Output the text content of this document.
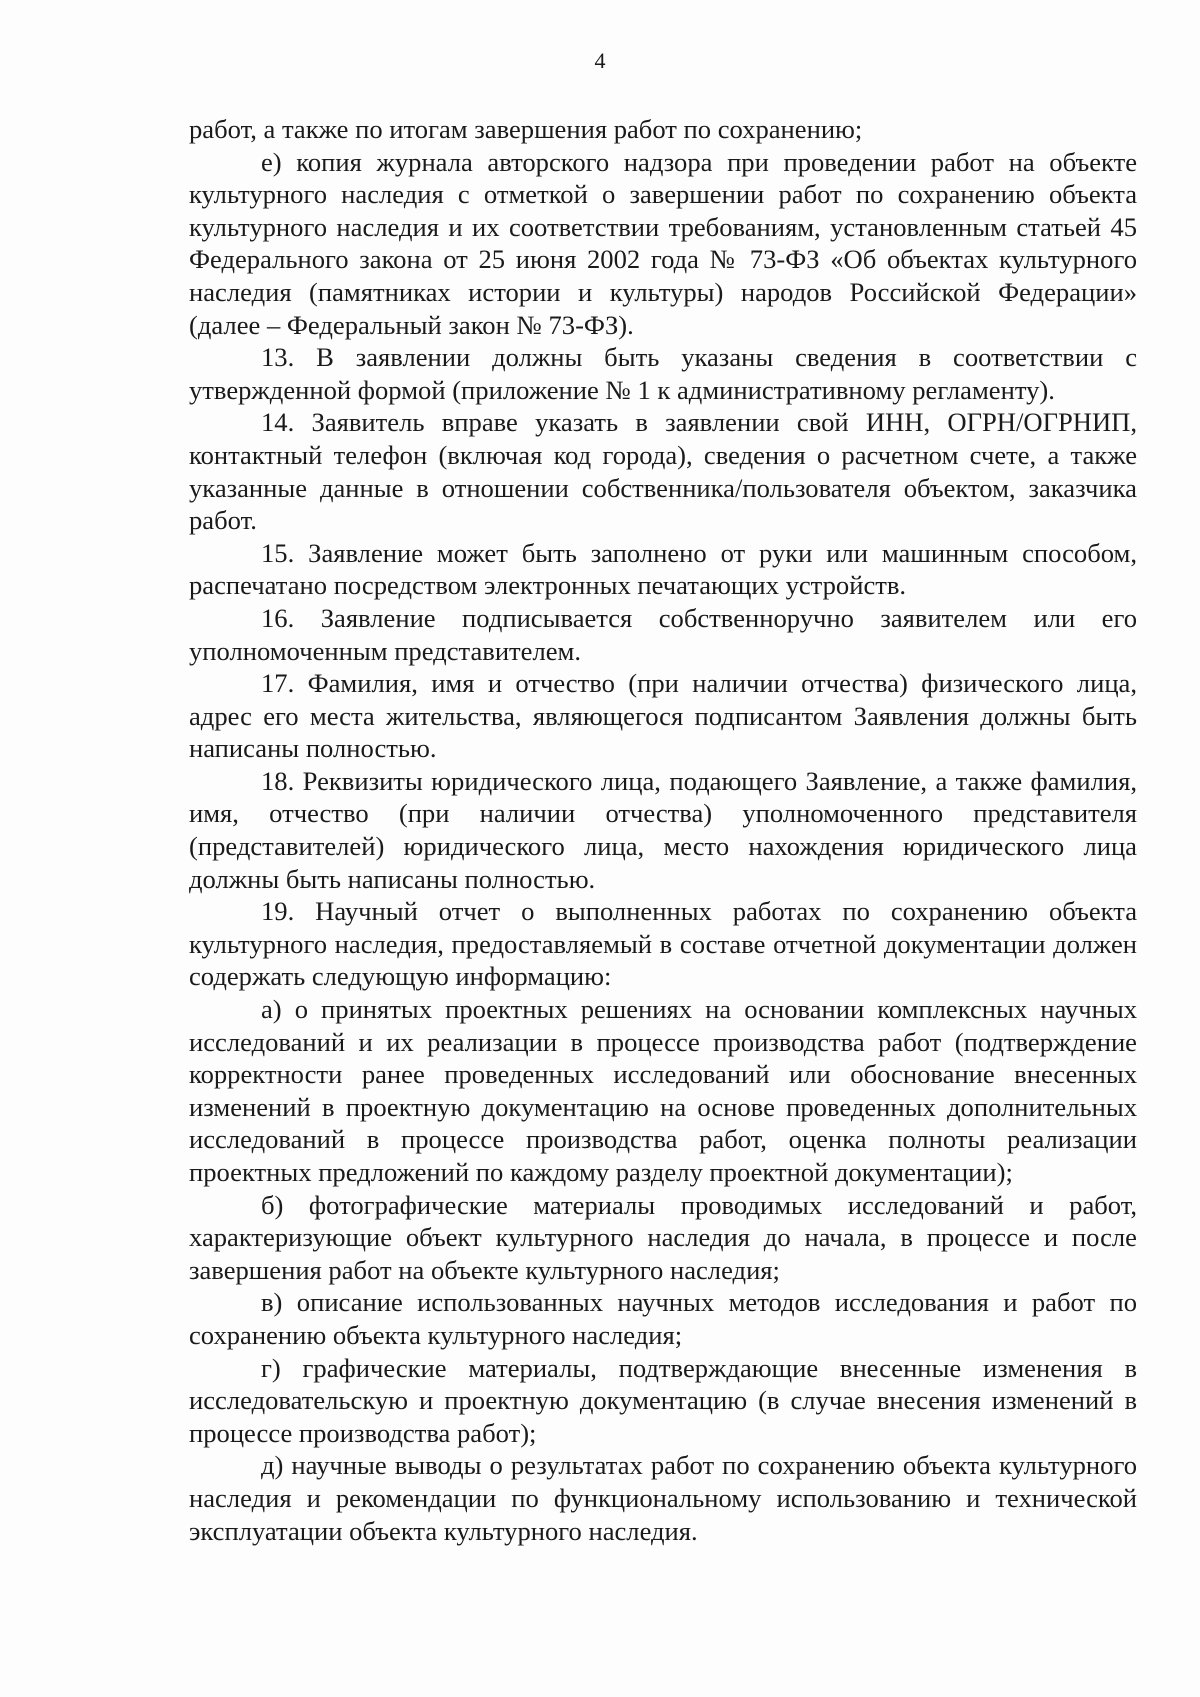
4

работ, а также по итогам завершения работ по сохранению;

е) копия журнала авторского надзора при проведении работ на объекте культурного наследия с отметкой о завершении работ по сохранению объекта культурного наследия и их соответствии требованиям, установленным статьей 45 Федерального закона от 25 июня 2002 года № 73-ФЗ «Об объектах культурного наследия (памятниках истории и культуры) народов Российской Федерации» (далее – Федеральный закон № 73-ФЗ).

13. В заявлении должны быть указаны сведения в соответствии с утвержденной формой (приложение № 1 к административному регламенту).

14. Заявитель вправе указать в заявлении свой ИНН, ОГРН/ОГРНИП, контактный телефон (включая код города), сведения о расчетном счете, а также указанные данные в отношении собственника/пользователя объектом, заказчика работ.

15. Заявление может быть заполнено от руки или машинным способом, распечатано посредством электронных печатающих устройств.

16. Заявление подписывается собственноручно заявителем или его уполномоченным представителем.

17. Фамилия, имя и отчество (при наличии отчества) физического лица, адрес его места жительства, являющегося подписантом Заявления должны быть написаны полностью.

18. Реквизиты юридического лица, подающего Заявление, а также фамилия, имя, отчество (при наличии отчества) уполномоченного представителя (представителей) юридического лица, место нахождения юридического лица должны быть написаны полностью.

19. Научный отчет о выполненных работах по сохранению объекта культурного наследия, предоставляемый в составе отчетной документации должен содержать следующую информацию:

а) о принятых проектных решениях на основании комплексных научных исследований и их реализации в процессе производства работ (подтверждение корректности ранее проведенных исследований или обоснование внесенных изменений в проектную документацию на основе проведенных дополнительных исследований в процессе производства работ, оценка полноты реализации проектных предложений по каждому разделу проектной документации);

б) фотографические материалы проводимых исследований и работ, характеризующие объект культурного наследия до начала, в процессе и после завершения работ на объекте культурного наследия;

в) описание использованных научных методов исследования и работ по сохранению объекта культурного наследия;

г) графические материалы, подтверждающие внесенные изменения в исследовательскую и проектную документацию (в случае внесения изменений в процессе производства работ);

д) научные выводы о результатах работ по сохранению объекта культурного наследия и рекомендации по функциональному использованию и технической эксплуатации объекта культурного наследия.
